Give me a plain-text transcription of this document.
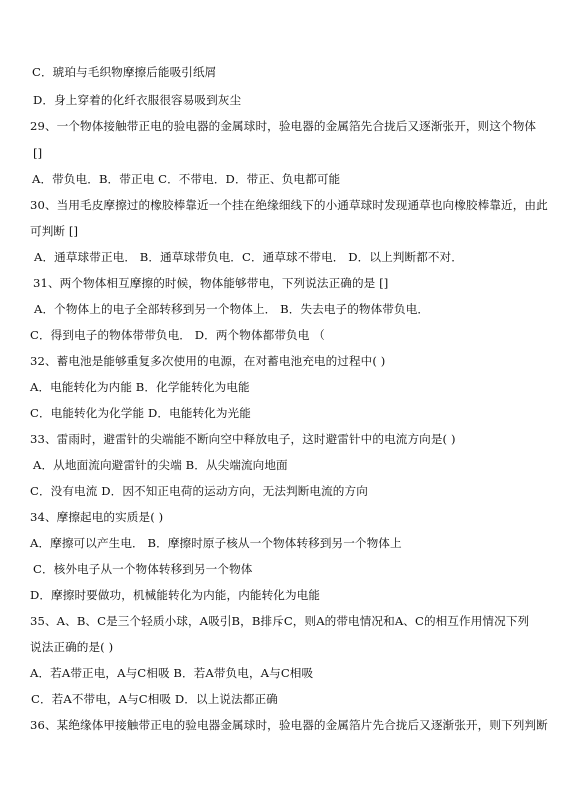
C．琥珀与毛织物摩擦后能吸引纸屑
D．身上穿着的化纤衣服很容易吸到灰尘
29、一个物体接触带正电的验电器的金属球时，验电器的金属箔先合拢后又逐渐张开，则这个物体
[]
A．带负电．B．带正电 C．不带电．D．带正、负电都可能
30、当用毛皮摩擦过的橡胶棒靠近一个挂在绝缘细线下的小通草球时发现通草也向橡胶棒靠近，由此
可判断 []
A．通草球带正电． B．通草球带负电．C．通草球不带电． D．以上判断都不对．
31、两个物体相互摩擦的时候，物体能够带电，下列说法正确的是 []
A．个物体上的电子全部转移到另一个物体上． B．失去电子的物体带负电．
C．得到电子的物体带带负电． D．两个物体都带负电 （
32、蓄电池是能够重复多次使用的电源，在对蓄电池充电的过程中( )
A．电能转化为内能 B．化学能转化为电能
C．电能转化为化学能 D．电能转化为光能
33、雷雨时，避雷针的尖端能不断向空中释放电子，这时避雷针中的电流方向是( )
A．从地面流向避雷针的尖端 B．从尖端流向地面
C．没有电流 D．因不知正电荷的运动方向，无法判断电流的方向
34、摩擦起电的实质是( )
A．摩擦可以产生电． B．摩擦时原子核从一个物体转移到另一个物体上
C．核外电子从一个物体转移到另一个物体
D．摩擦时要做功，机械能转化为内能，内能转化为电能
35、A、B、C是三个轻质小球，A吸引B，B排斥C，则A的带电情况和A、C的相互作用情况下列
说法正确的是( )
A．若A带正电，A与C相吸 B．若A带负电，A与C相吸
C．若A不带电，A与C相吸 D．以上说法都正确
36、某绝缘体甲接触带正电的验电器金属球时，验电器的金属箔片先合拢后又逐渐张开，则下列判断
